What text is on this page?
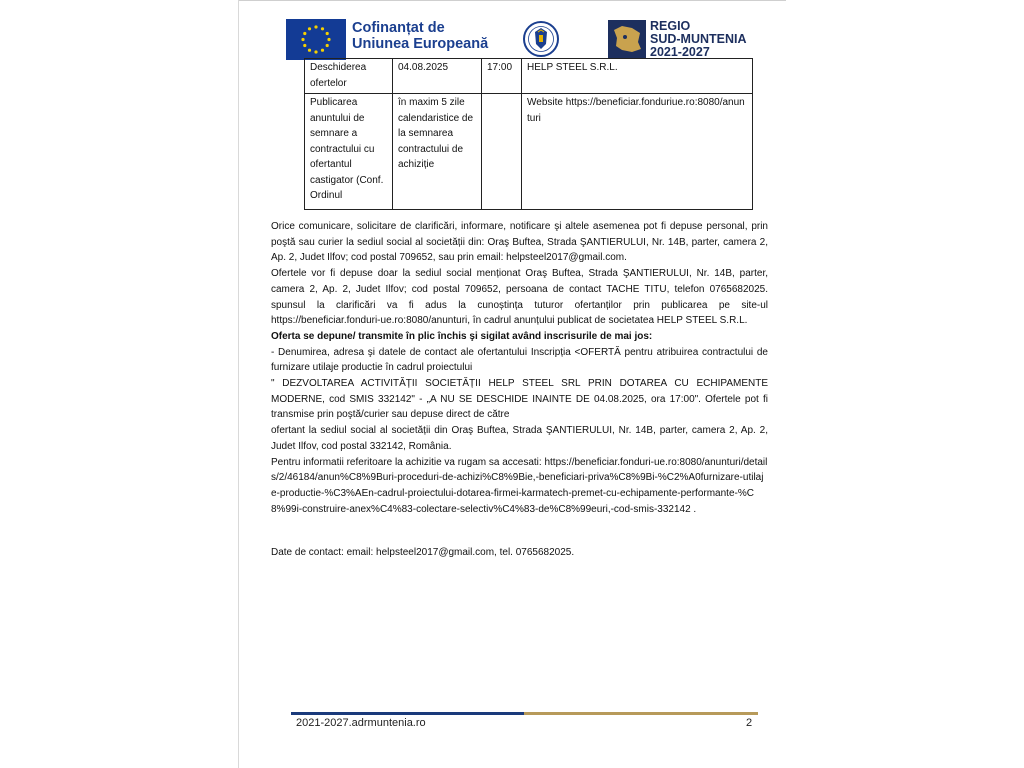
Cofinanțat de
Uniunea Europeană
REGIO
SUD-MUNTENIA
2021-2027
Deschiderea ofertelor	04.08.2025	17:00	HELP STEEL S.R.L.
Publicarea anuntului de semnare a contractului cu ofertantul castigator (Conf. Ordinul	în maxim 5 zile calendaristice de la semnarea contractului de achiziție		Website https://beneficiar.fonduriue.ro:8080/anunturi

Orice comunicare, solicitare de clarificări, informare, notificare şi altele asemenea pot fi depuse personal, prin poştă sau curier la sediul social al societății din: Oraş Buftea, Strada ŞANTIERULUI, Nr. 14B, parter, camera 2, Ap. 2, Judet Ilfov; cod postal 709652, sau prin email: helpsteel2017@gmail.com.

Ofertele vor fi depuse doar la sediul social menționat Oraş Buftea, Strada ŞANTIERULUI, Nr. 14B, parter, camera 2, Ap. 2, Judet Ilfov; cod postal 709652, persoana de contact TACHE TITU, telefon 0765682025. spunsul la clarificări va fi adus la cunoștința tuturor ofertanților prin publicarea pe site-ul https://beneficiar.fonduri-ue.ro:8080/anunturi, în cadrul anunțului publicat de societatea HELP STEEL S.R.L.

Oferta se depune/ transmite în plic închis şi sigilat având inscrisurile de mai jos:

- Denumirea, adresa şi datele de contact ale ofertantului Inscripția <OFERTĂ pentru atribuirea contractului de furnizare utilaje productie în cadrul proiectului

" DEZVOLTAREA ACTIVITĂȚII SOCIETĂȚII HELP STEEL SRL PRIN DOTAREA CU ECHIPAMENTE MODERNE, cod SMIS 332142" - „A NU SE DESCHIDE INAINTE DE 04.08.2025, ora 17:00". Ofertele pot fi transmise prin poştă/curier sau depuse direct de către

ofertant la sediul social al societății din Oraş Buftea, Strada ŞANTIERULUI, Nr. 14B, parter, camera 2, Ap. 2, Judet Ilfov, cod postal 332142, România.

Pentru informatii referitoare la achizitie va rugam sa accesati: https://beneficiar.fonduri-ue.ro:8080/anunturi/details/2/46184/anun%C8%9Buri-proceduri-de-achizi%C8%9Bie,-beneficiari-priva%C8%9Bi-%C2%A0furnizare-utilaje-productie-%C3%AEn-cadrul-proiectului-dotarea-firmei-karmatech-premet-cu-echipamente-performante-%C8%99i-construire-anex%C4%83-colectare-selectiv%C4%83-de%C8%99euri,-cod-smis-332142 .

Date de contact: email: helpsteel2017@gmail.com, tel. 0765682025.
2021-2027.adrmuntenia.ro	2
